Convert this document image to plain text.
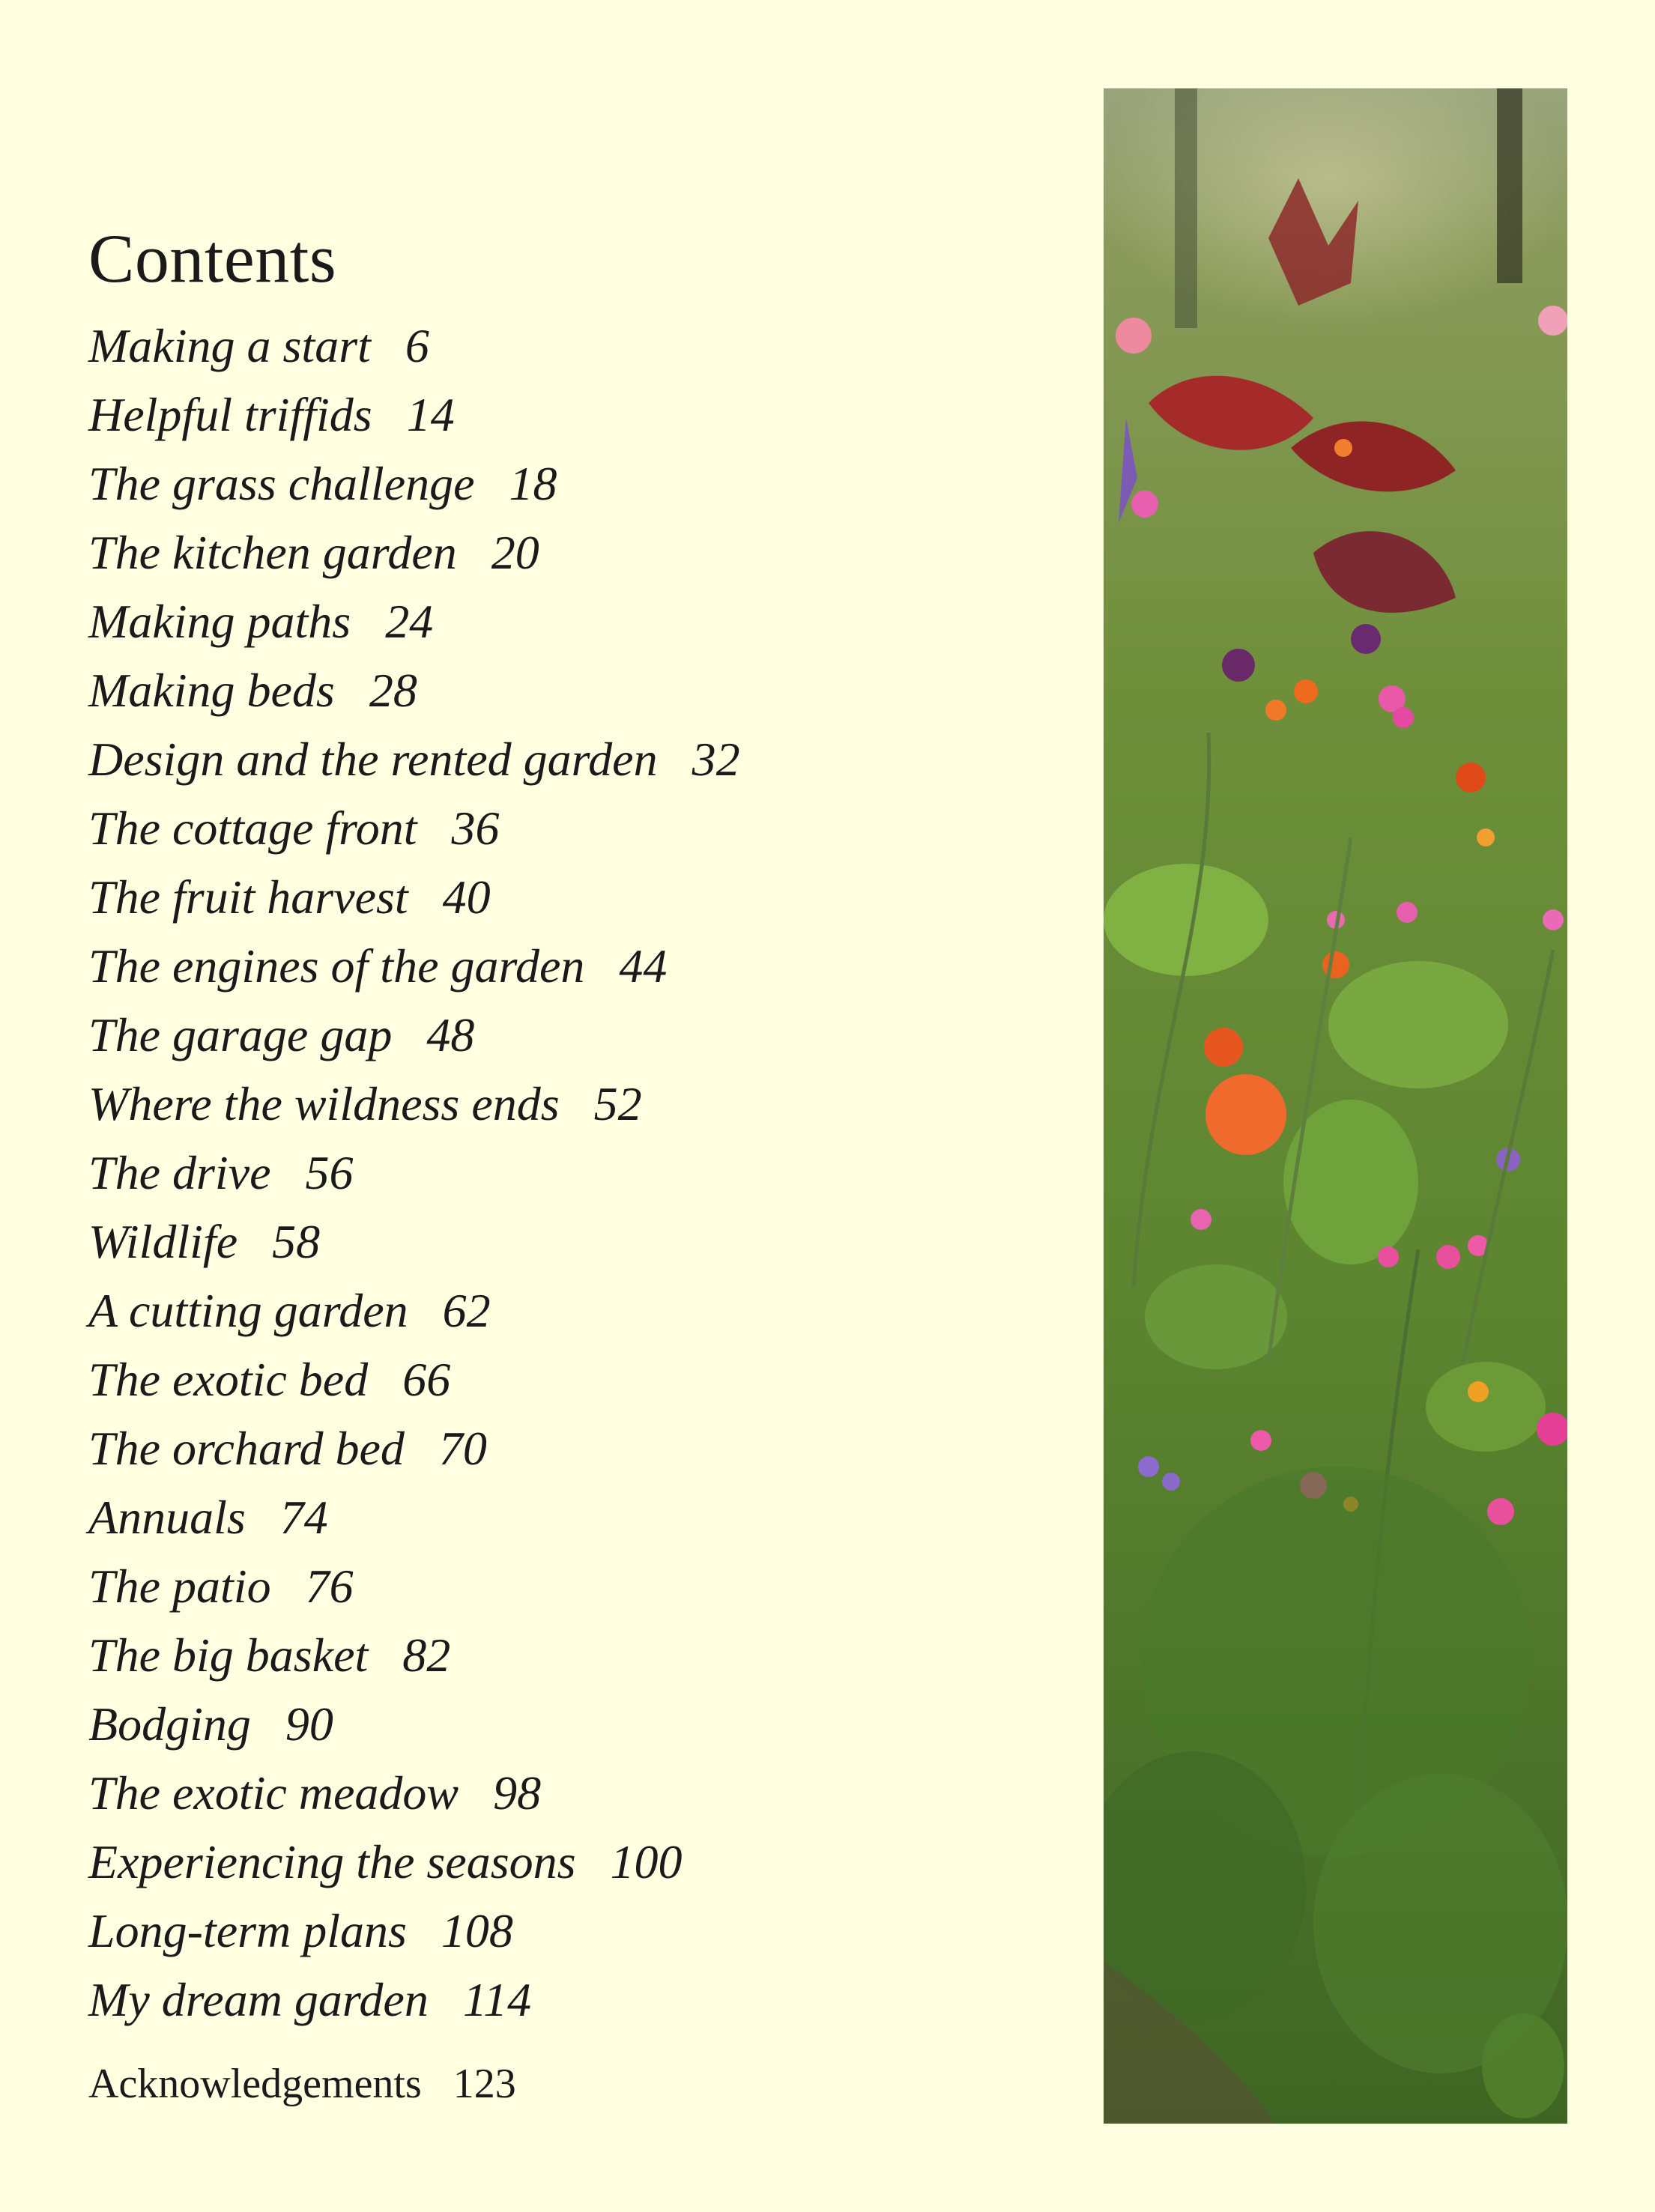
Contents
Making a start 6
Helpful triffids 14
The grass challenge 18
The kitchen garden 20
Making paths 24
Making beds 28
Design and the rented garden 32
The cottage front 36
The fruit harvest 40
The engines of the garden 44
The garage gap 48
Where the wildness ends 52
The drive 56
Wildlife 58
A cutting garden 62
The exotic bed 66
The orchard bed 70
Annuals 74
The patio 76
The big basket 82
Bodging 90
The exotic meadow 98
Experiencing the seasons 100
Long-term plans 108
My dream garden 114
Acknowledgements 123
